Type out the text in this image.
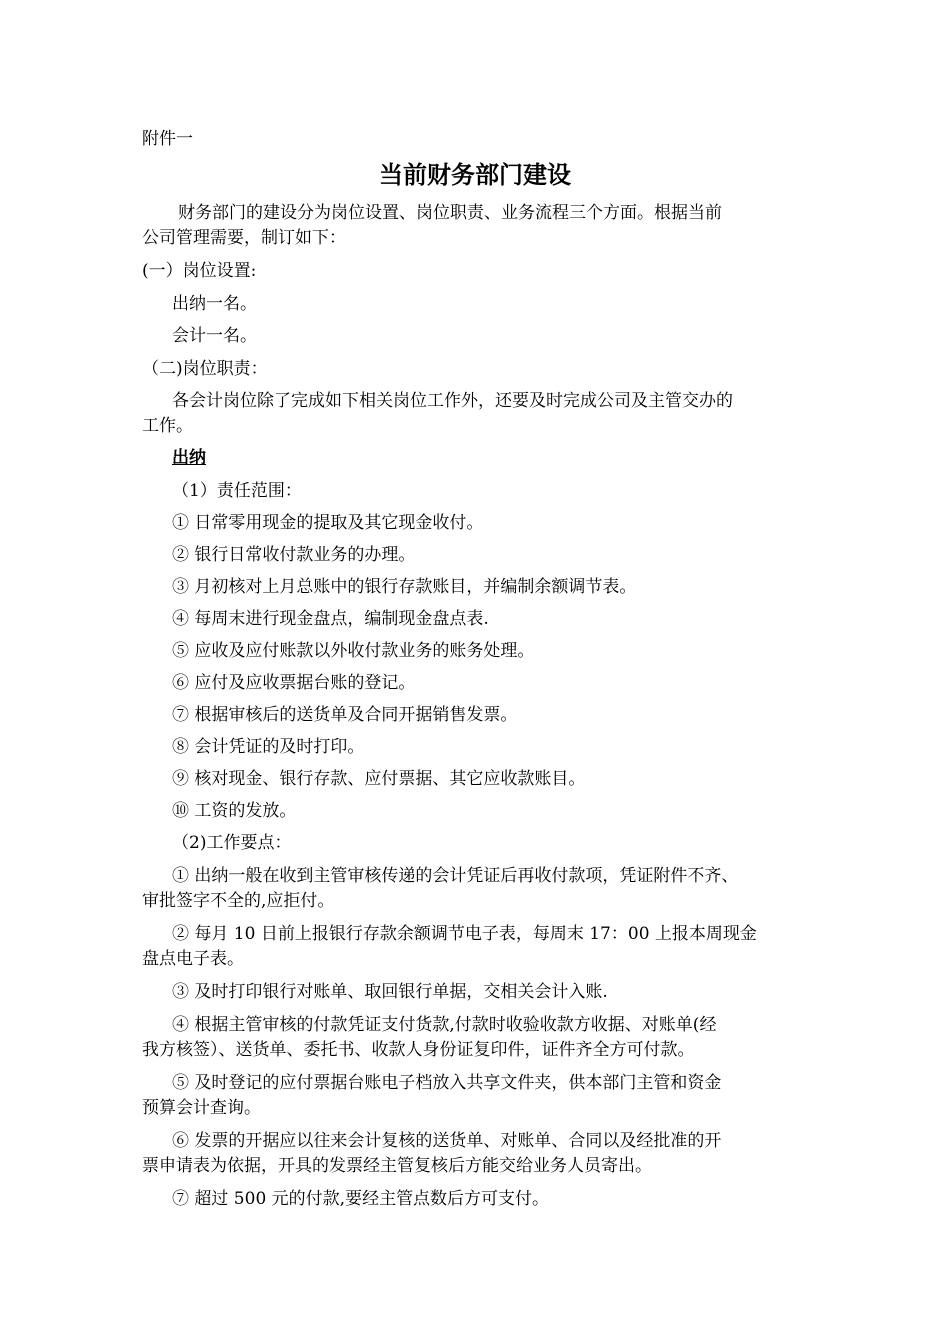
附件一
当前财务部门建设
财务部门的建设分为岗位设置、岗位职责、业务流程三个方面。根据当前
公司管理需要，制订如下：
(一）岗位设置:
出纳一名。
会计一名。
（二)岗位职责：
各会计岗位除了完成如下相关岗位工作外，还要及时完成公司及主管交办的
工作。
出纳
（1）责任范围：
① 日常零用现金的提取及其它现金收付。
② 银行日常收付款业务的办理。
③ 月初核对上月总账中的银行存款账目，并编制余额调节表。
④ 每周末进行现金盘点，编制现金盘点表.
⑤ 应收及应付账款以外收付款业务的账务处理。
⑥ 应付及应收票据台账的登记。
⑦ 根据审核后的送货单及合同开据销售发票。
⑧ 会计凭证的及时打印。
⑨ 核对现金、银行存款、应付票据、其它应收款账目。
⑩ 工资的发放。
（2)工作要点：
① 出纳一般在收到主管审核传递的会计凭证后再收付款项，凭证附件不齐、
审批签字不全的,应拒付。
② 每月 10 日前上报银行存款余额调节电子表，每周末 17：00 上报本周现金
盘点电子表。
③ 及时打印银行对账单、取回银行单据，交相关会计入账.
④ 根据主管审核的付款凭证支付货款,付款时收验收款方收据、对账单(经
我方核签）、送货单、委托书、收款人身份证复印件，证件齐全方可付款。
⑤ 及时登记的应付票据台账电子档放入共享文件夹，供本部门主管和资金
预算会计查询。
⑥ 发票的开据应以往来会计复核的送货单、对账单、合同以及经批准的开
票申请表为依据，开具的发票经主管复核后方能交给业务人员寄出。
⑦ 超过 500 元的付款,要经主管点数后方可支付。
